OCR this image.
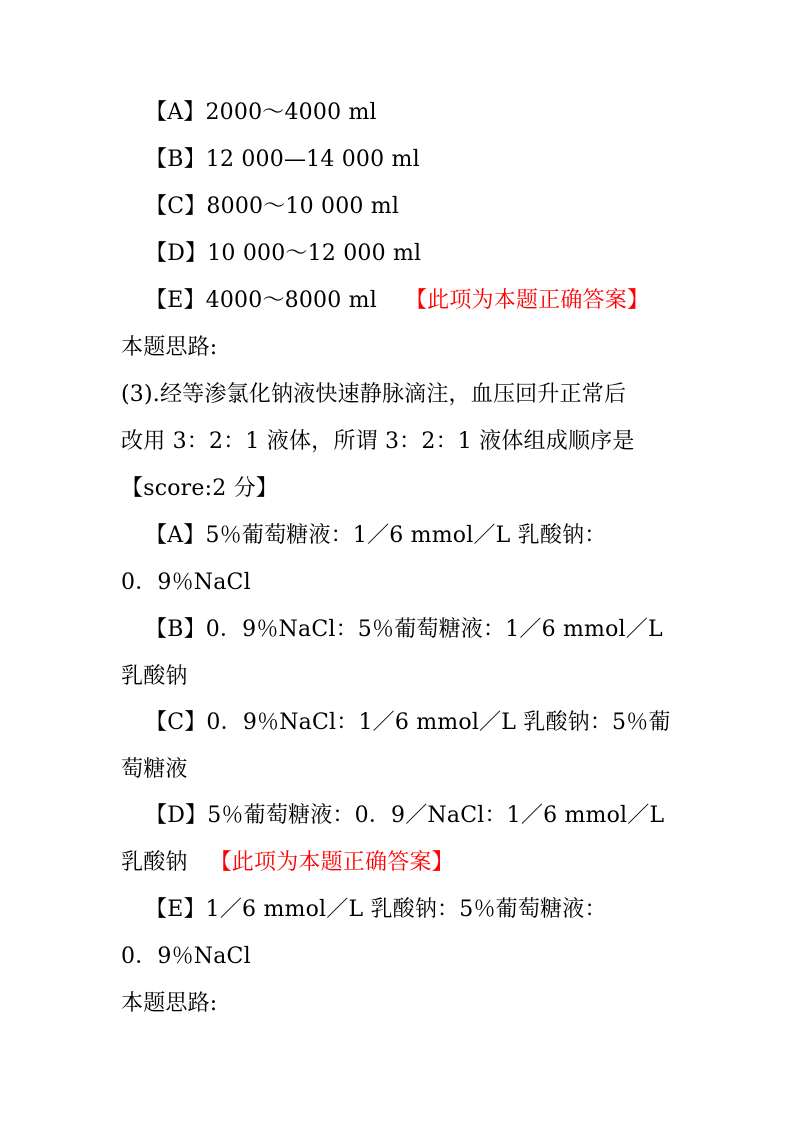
【A】2000～4000 ml
【B】12 000—14 000 ml
【C】8000～10 000 ml
【D】10 000～12 000 ml
【E】4000～8000 ml 【此项为本题正确答案】
本题思路:
(3).经等渗氯化钠液快速静脉滴注，血压回升正常后
改用 3：2：1 液体，所谓 3：2：1 液体组成顺序是
【score:2 分】
【A】5％葡萄糖液：1／6 mmol／L 乳酸钠：
0．9％NaCl
【B】0．9％NaCl：5％葡萄糖液：1／6 mmol／L
乳酸钠
【C】0．9％NaCl：1／6 mmol／L 乳酸钠：5％葡
萄糖液
【D】5％葡萄糖液：0．9／NaCl：1／6 mmol／L
乳酸钠 【此项为本题正确答案】
【E】1／6 mmol／L 乳酸钠：5％葡萄糖液：
0．9％NaCl
本题思路:
